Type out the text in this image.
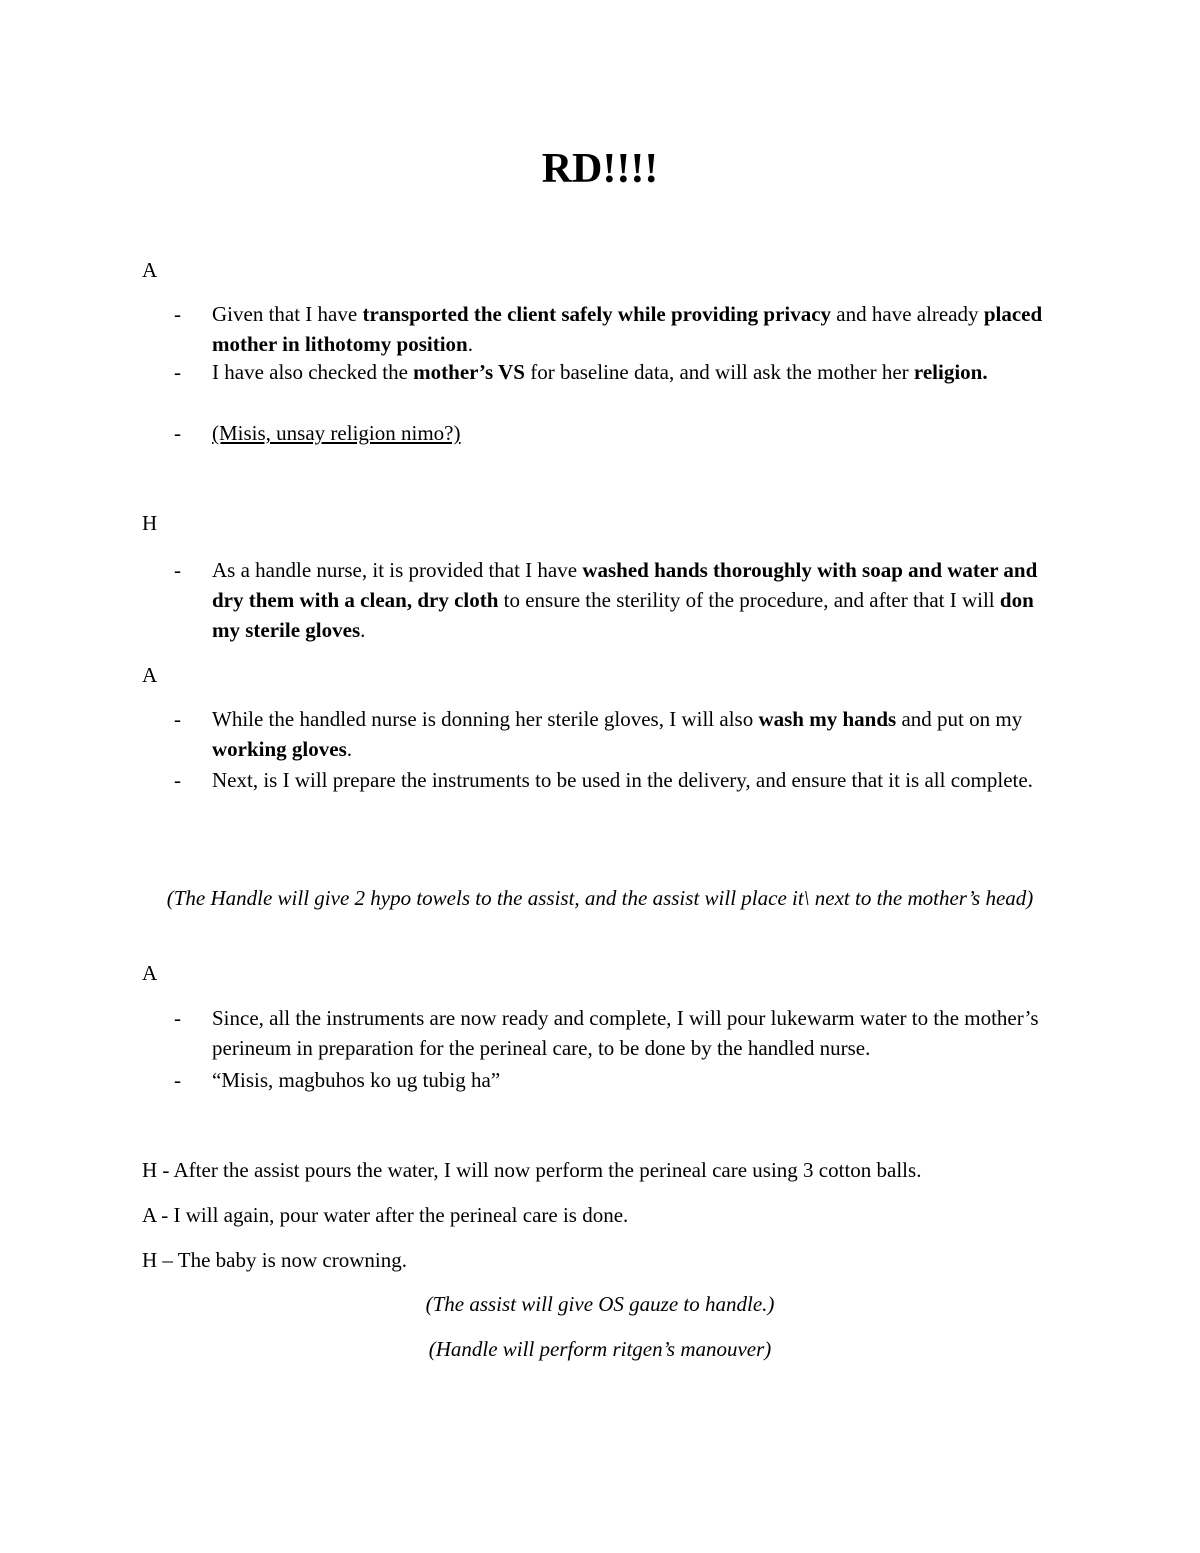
RD!!!!
A
- Given that I have transported the client safely while providing privacy and have already placed mother in lithotomy position.
- I have also checked the mother’s VS for baseline data, and will ask the mother her religion.
- (Misis, unsay religion nimo?)
H
- As a handle nurse, it is provided that I have washed hands thoroughly with soap and water and dry them with a clean, dry cloth to ensure the sterility of the procedure, and after that I will don my sterile gloves.
A
- While the handled nurse is donning her sterile gloves, I will also wash my hands and put on my working gloves.
- Next, is I will prepare the instruments to be used in the delivery, and ensure that it is all complete.
(The Handle will give 2 hypo towels to the assist, and the assist will place it\ next to the mother’s head)
A
- Since, all the instruments are now ready and complete, I will pour lukewarm water to the mother’s perineum in preparation for the perineal care, to be done by the handled nurse.
- “Misis, magbuhos ko ug tubig ha”
H - After the assist pours the water, I will now perform the perineal care using 3 cotton balls.
A - I will again, pour water after the perineal care is done.
H – The baby is now crowning.
(The assist will give OS gauze to handle.)
(Handle will perform ritgen’s manouver)
